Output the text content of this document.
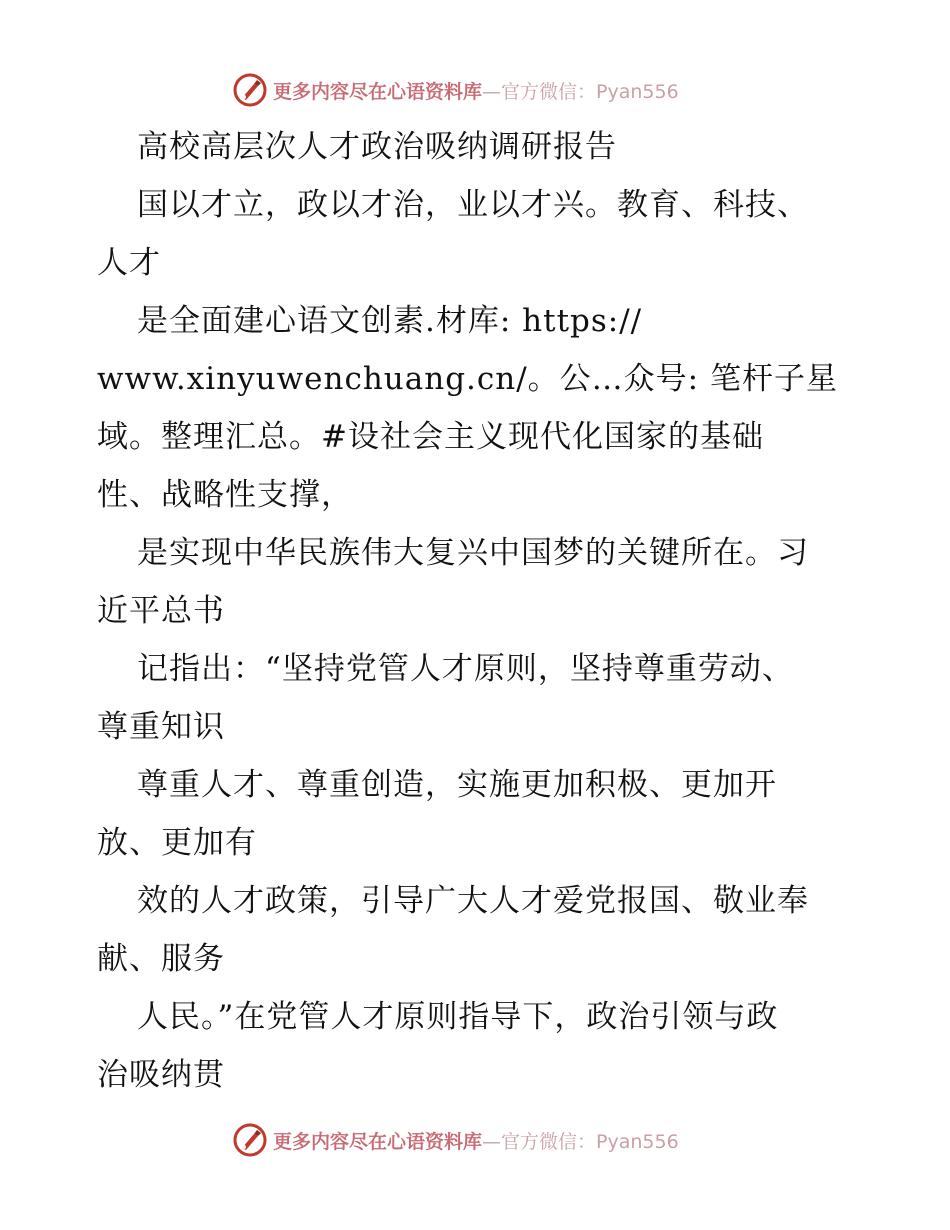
更多内容尽在心语资料库—官方微信：Pyan556
高校高层次人才政治吸纳调研报告
国以才立，政以才治，业以才兴。教育、科技、
人才
是全面建心语文创素.材库: https://
www.xinyuwenchuang.cn/。公…众号: 笔杆子星
域。整理汇总。#设社会主义现代化国家的基础
性、战略性支撑，
是实现中华民族伟大复兴中国梦的关键所在。习
近平总书
记指出：“坚持党管人才原则，坚持尊重劳动、
尊重知识
尊重人才、尊重创造，实施更加积极、更加开
放、更加有
效的人才政策，引导广大人才爱党报国、敬业奉
献、服务
人民。”在党管人才原则指导下，政治引领与政
治吸纳贯
更多内容尽在心语资料库—官方微信：Pyan556
